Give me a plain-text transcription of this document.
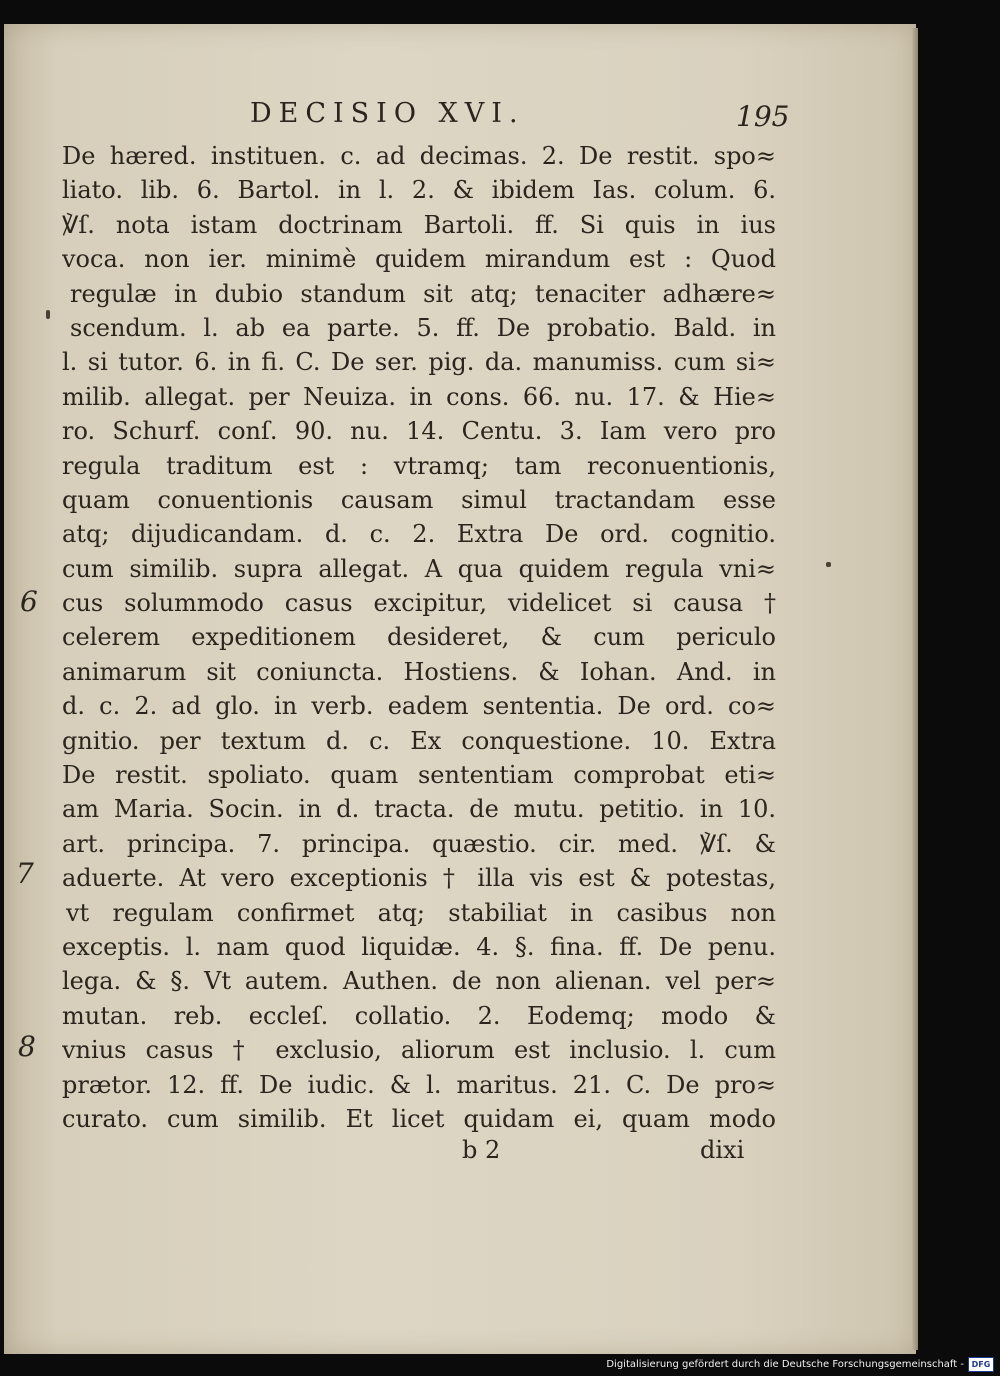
DECISIO XVI.	195
De hæred. instituen. c. ad decimas. 2. De restit. spo≈
liato. lib. 6. Bartol. in l. 2. & ibidem Ias. colum. 6.
℣ſ. nota istam doctrinam Bartoli. ff. Si quis in ius
voca. non ier. minimè quidem mirandum est : Quod
regulæ in dubio standum sit atq; tenaciter adhære≈
scendum. l. ab ea parte. 5. ff. De probatio. Bald. in
l. si tutor. 6. in fi. C. De ser. pig. da. manumiss. cum si≈
milib. allegat. per Neuiza. in cons. 66. nu. 17. & Hie≈
ro. Schurf. conſ. 90. nu. 14. Centu. 3. Iam vero pro
regula traditum est : vtramq; tam reconuentionis,
quam conuentionis causam simul tractandam esse
atq; dijudicandam. d. c. 2. Extra De ord. cognitio.
cum similib. supra allegat. A qua quidem regula vni≈
cus solummodo casus excipitur, videlicet si causa †
celerem expeditionem desideret, & cum periculo
animarum sit coniuncta. Hostiens. & Iohan. And. in
d. c. 2. ad glo. in verb. eadem sententia. De ord. co≈
gnitio. per textum d. c. Ex conquestione. 10. Extra
De restit. spoliato. quam sententiam comprobat eti≈
am Maria. Socin. in d. tracta. de mutu. petitio. in 10.
art. principa. 7. principa. quæstio. cir. med. ℣ſ. &
aduerte. At vero exceptionis † illa vis est & potestas,
vt regulam confirmet atq; stabiliat in casibus non
exceptis. l. nam quod liquidæ. 4. §. fina. ff. De penu.
lega. & §. Vt autem. Authen. de non alienan. vel per≈
mutan. reb. eccleſ. collatio. 2. Eodemq; modo &
vnius casus † exclusio, aliorum est inclusio. l. cum
prætor. 12. ff. De iudic. & l. maritus. 21. C. De pro≈
curato. cum similib. Et licet quidam ei, quam modo
6
7
8
b 2	dixi
Digitalisierung gefördert durch die Deutsche Forschungsgemeinschaft - DFG
